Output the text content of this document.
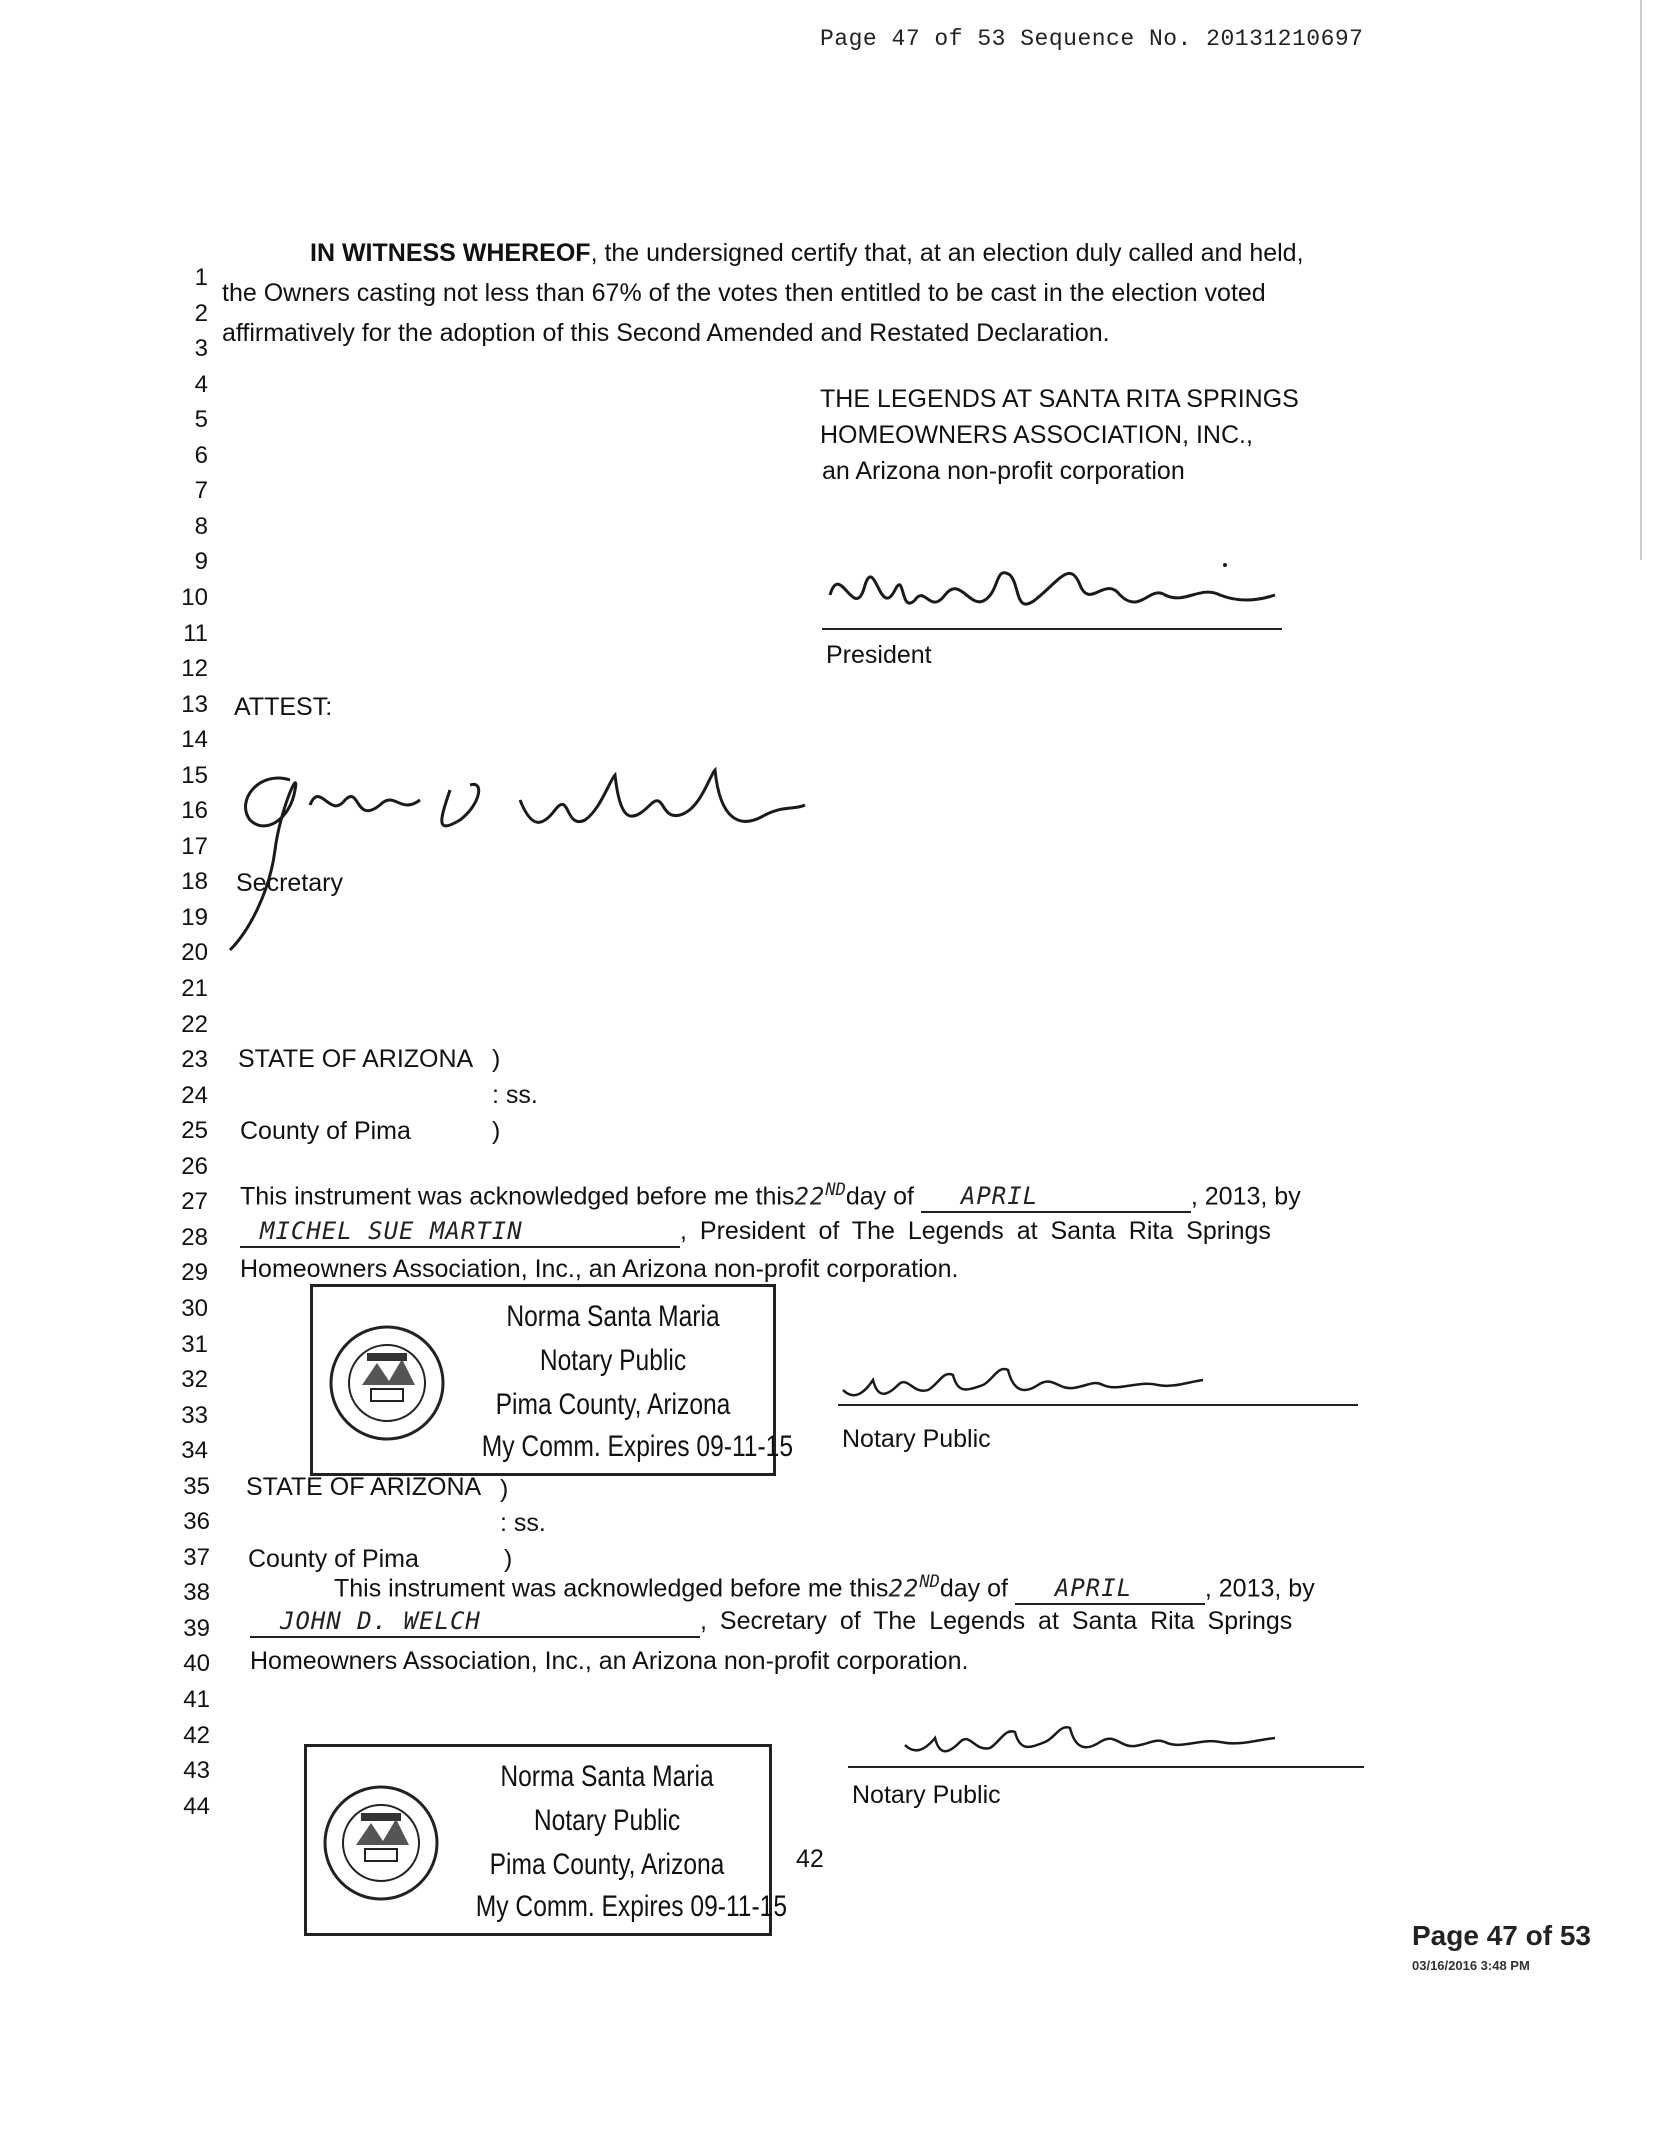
Page 47 of 53 Sequence No. 20131210697
1
2
3
4
5
6
7
8
9
10
11
12
13
14
15
16
17
18
19
20
21
22
23
24
25
26
27
28
29
30
31
32
33
34
35
36
37
38
39
40
41
42
43
44
IN WITNESS WHEREOF, the undersigned certify that, at an election duly called and held,
the Owners casting not less than 67% of the votes then entitled to be cast in the election voted
affirmatively for the adoption of this Second Amended and Restated Declaration.
THE LEGENDS AT SANTA RITA SPRINGS
HOMEOWNERS ASSOCIATION, INC.,
an Arizona non-profit corporation
President
ATTEST:
Secretary
STATE OF ARIZONA )
: ss.
County of Pima	)
This instrument was acknowledged before me this22NDday of APRIL	, 2013, by
MICHEL SUE MARTIN	, President of The Legends at Santa Rita Springs
Homeowners Association, Inc., an Arizona non-profit corporation.
Norma Santa Maria
Notary Public
Pima County, Arizona
My Comm. Expires 09-11-15 Notary Public
STATE OF ARIZONA )
: ss.
County of Pima	)
This instrument was acknowledged before me this22NDday of APRIL	, 2013, by
JOHN D. WELCH	, Secretary of The Legends at Santa Rita Springs
Homeowners Association, Inc., an Arizona non-profit corporation.
Notary Public
Norma Santa Maria
Notary Public
Pima County, Arizona
My Comm. Expires 09-11-15
42
Page 47 of 53
03/16/2016 3:48 PM
